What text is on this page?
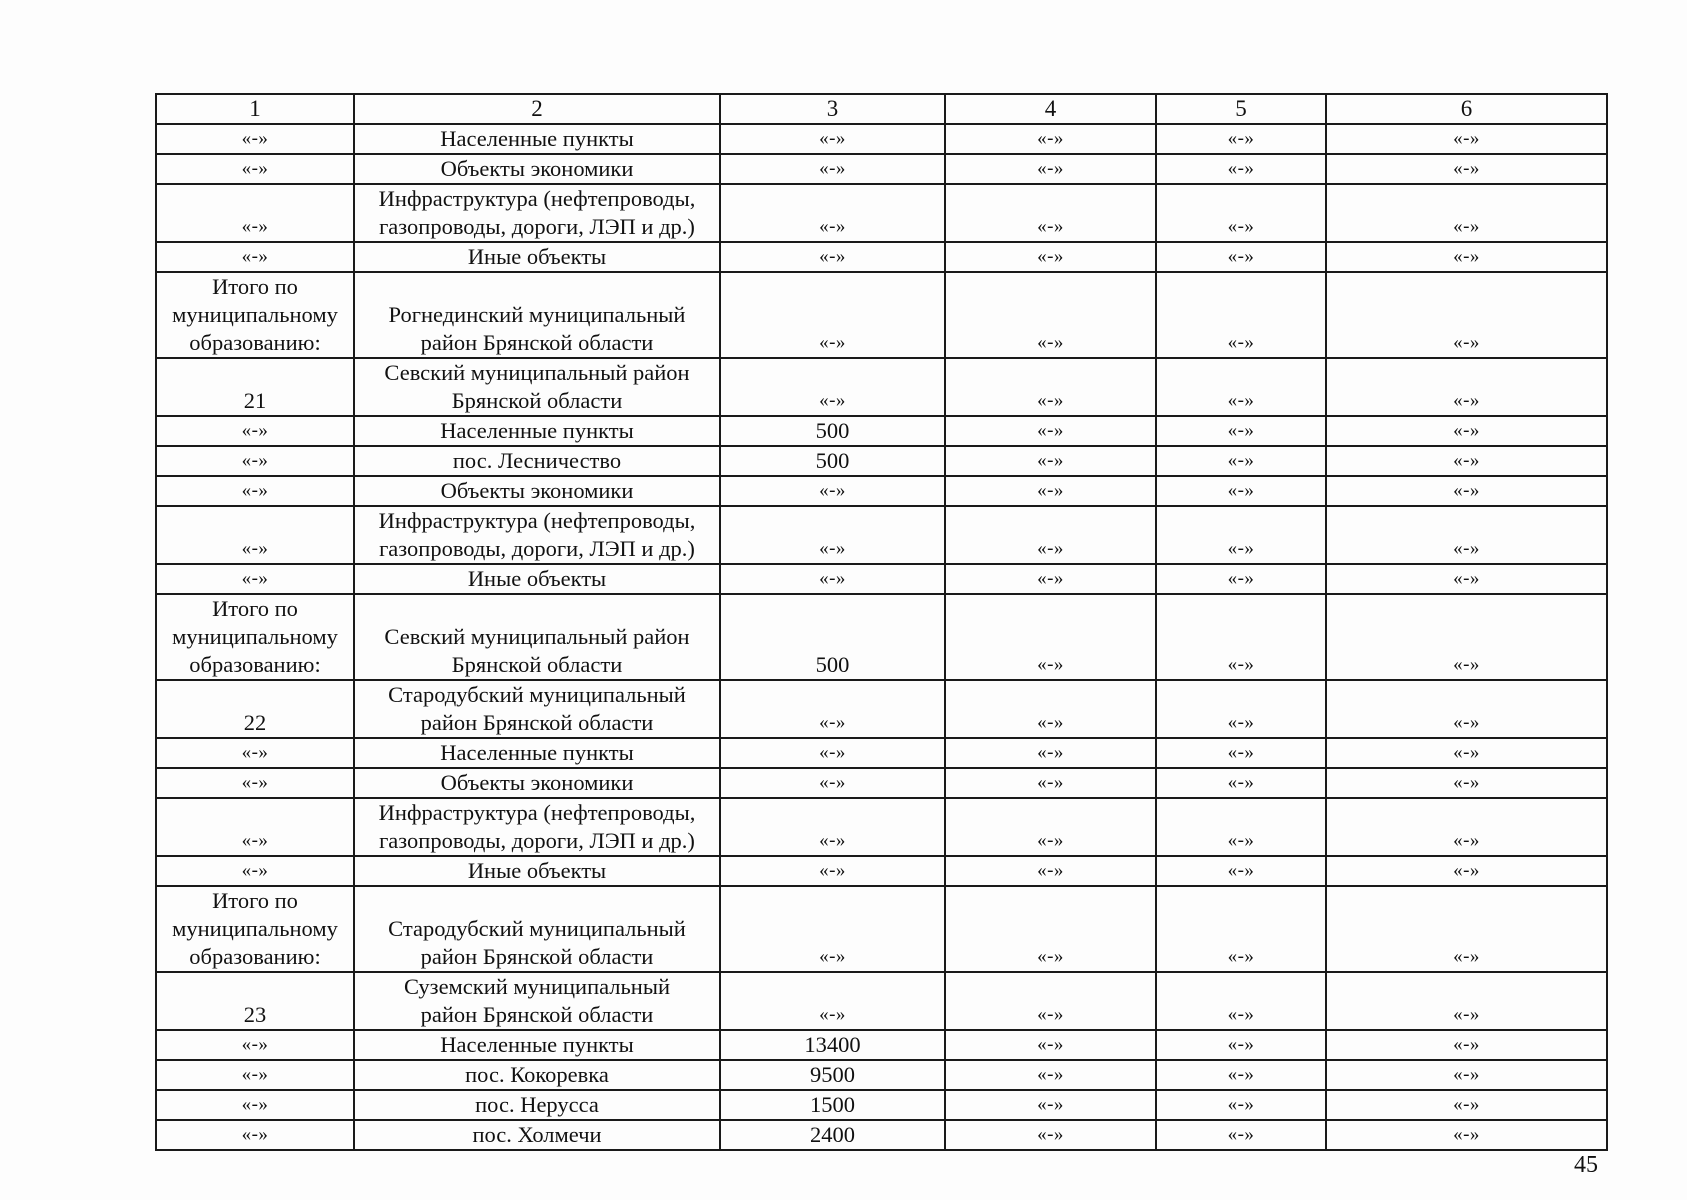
1	2	3	4	5	6
«-»	Населенные пункты	«-»	«-»	«-»	«-»
«-»	Объекты экономики	«-»	«-»	«-»	«-»
«-»	Инфраструктура (нефтепроводы,
газопроводы, дороги, ЛЭП и др.)	«-»	«-»	«-»	«-»
«-»	Иные объекты	«-»	«-»	«-»	«-»
Итого по
муниципальному
образованию:	Рогнединский муниципальный
район Брянской области	«-»	«-»	«-»	«-»
21	Севский муниципальный район
Брянской области	«-»	«-»	«-»	«-»
«-»	Населенные пункты	500	«-»	«-»	«-»
«-»	пос. Лесничество	500	«-»	«-»	«-»
«-»	Объекты экономики	«-»	«-»	«-»	«-»
«-»	Инфраструктура (нефтепроводы,
газопроводы, дороги, ЛЭП и др.)	«-»	«-»	«-»	«-»
«-»	Иные объекты	«-»	«-»	«-»	«-»
Итого по
муниципальному
образованию:	Севский муниципальный район
Брянской области	500	«-»	«-»	«-»
22	Стародубский муниципальный
район Брянской области	«-»	«-»	«-»	«-»
«-»	Населенные пункты	«-»	«-»	«-»	«-»
«-»	Объекты экономики	«-»	«-»	«-»	«-»
«-»	Инфраструктура (нефтепроводы,
газопроводы, дороги, ЛЭП и др.)	«-»	«-»	«-»	«-»
«-»	Иные объекты	«-»	«-»	«-»	«-»
Итого по
муниципальному
образованию:	Стародубский муниципальный
район Брянской области	«-»	«-»	«-»	«-»
23	Суземский муниципальный
район Брянской области	«-»	«-»	«-»	«-»
«-»	Населенные пункты	13400	«-»	«-»	«-»
«-»	пос. Кокоревка	9500	«-»	«-»	«-»
«-»	пос. Нерусса	1500	«-»	«-»	«-»
«-»	пос. Холмечи	2400	«-»	«-»	«-»
45
